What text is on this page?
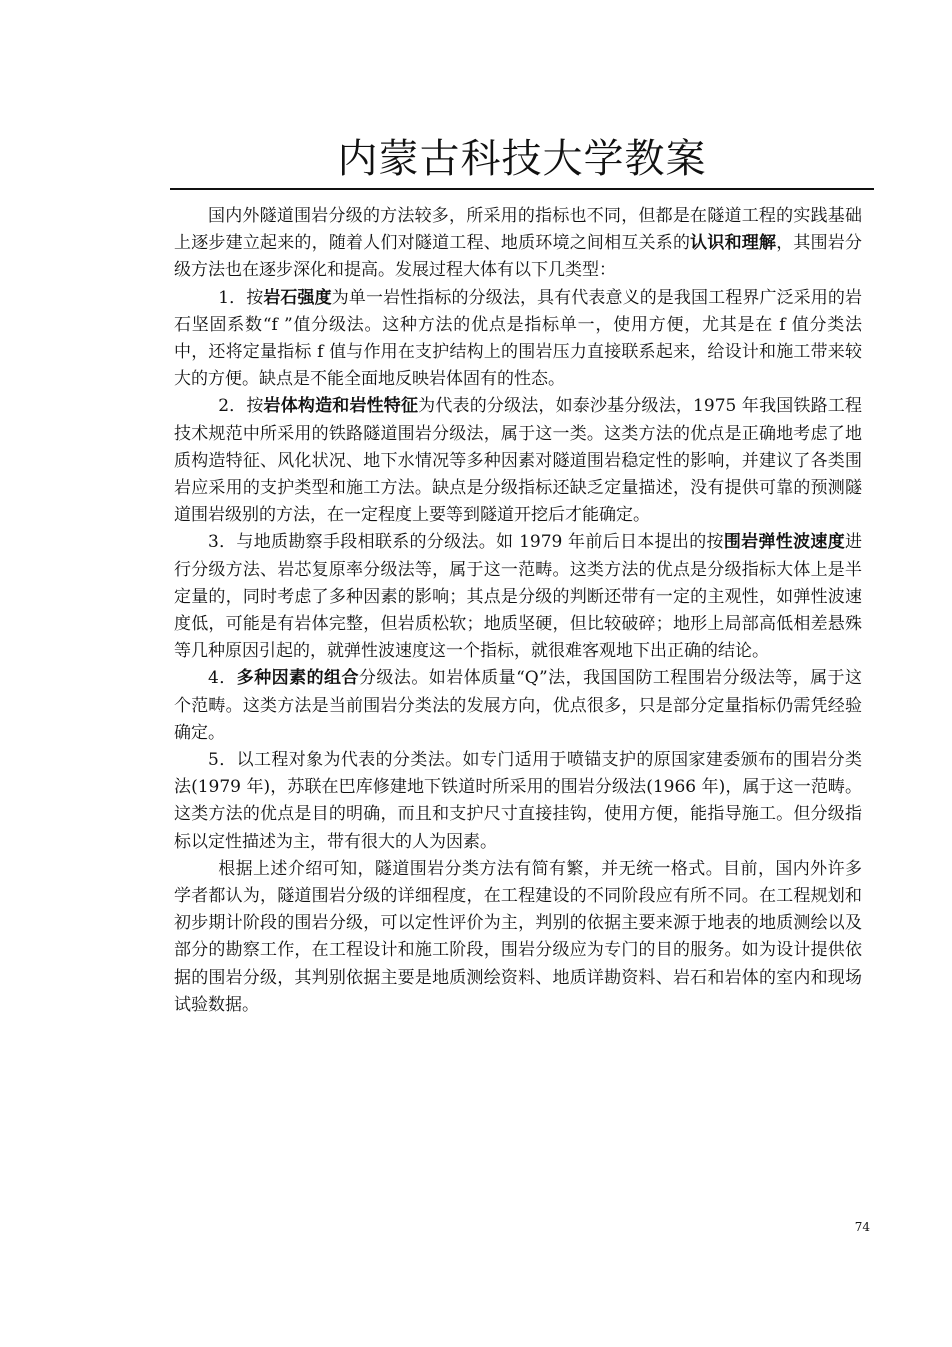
内蒙古科技大学教案

国内外隧道围岩分级的方法较多，所采用的指标也不同，但都是在隧道工程的实践基础上逐步建立起来的，随着人们对隧道工程、地质环境之间相互关系的认识和理解，其围岩分级方法也在逐步深化和提高。发展过程大体有以下几类型：

1．按岩石强度为单一岩性指标的分级法，具有代表意义的是我国工程界广泛采用的岩石坚固系数“f ”值分级法。这种方法的优点是指标单一，使用方便，尤其是在 f 值分类法中，还将定量指标 f 值与作用在支护结构上的围岩压力直接联系起来，给设计和施工带来较大的方便。缺点是不能全面地反映岩体固有的性态。

2．按岩体构造和岩性特征为代表的分级法，如泰沙基分级法，1975 年我国铁路工程技术规范中所采用的铁路隧道围岩分级法，属于这一类。这类方法的优点是正确地考虑了地质构造特征、风化状况、地下水情况等多种因素对隧道围岩稳定性的影响，并建议了各类围岩应采用的支护类型和施工方法。缺点是分级指标还缺乏定量描述，没有提供可靠的预测隧道围岩级别的方法，在一定程度上要等到隧道开挖后才能确定。

3．与地质勘察手段相联系的分级法。如 1979 年前后日本提出的按围岩弹性波速度进行分级方法、岩芯复原率分级法等，属于这一范畴。这类方法的优点是分级指标大体上是半定量的，同时考虑了多种因素的影响；其点是分级的判断还带有一定的主观性，如弹性波速度低，可能是有岩体完整，但岩质松软；地质坚硬，但比较破碎；地形上局部高低相差悬殊等几种原因引起的，就弹性波速度这一个指标，就很难客观地下出正确的结论。

4．多种因素的组合分级法。如岩体质量“Q”法，我国国防工程围岩分级法等，属于这个范畴。这类方法是当前围岩分类法的发展方向，优点很多，只是部分定量指标仍需凭经验确定。

5．以工程对象为代表的分类法。如专门适用于喷锚支护的原国家建委颁布的围岩分类法(1979 年)，苏联在巴库修建地下铁道时所采用的围岩分级法(1966 年)，属于这一范畴。这类方法的优点是目的明确，而且和支护尺寸直接挂钩，使用方便，能指导施工。但分级指标以定性描述为主，带有很大的人为因素。

根据上述介绍可知，隧道围岩分类方法有简有繁，并无统一格式。目前，国内外许多学者都认为，隧道围岩分级的详细程度，在工程建设的不同阶段应有所不同。在工程规划和初步期计阶段的围岩分级，可以定性评价为主，判别的依据主要来源于地表的地质测绘以及部分的勘察工作，在工程设计和施工阶段，围岩分级应为专门的目的服务。如为设计提供依据的围岩分级，其判别依据主要是地质测绘资料、地质详勘资料、岩石和岩体的室内和现场试验数据。

74
